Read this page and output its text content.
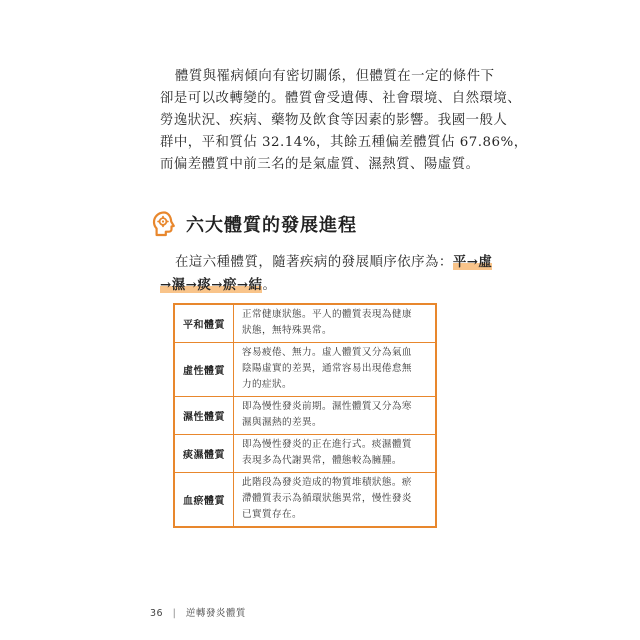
體質與罹病傾向有密切關係，但體質在一定的條件下
卻是可以改轉變的。體質會受遺傳、社會環境、自然環境、
勞逸狀況、疾病、藥物及飲食等因素的影響。我國一般人
群中，平和質佔 32.14%，其餘五種偏差體質佔 67.86%，
而偏差體質中前三名的是氣虛質、濕熱質、陽虛質。
六大體質的發展進程
在這六種體質，隨著疾病的發展順序依序為：平→虛
→濕→痰→瘀→結。
平和體質	正常健康狀態。平人的體質表現為健康
狀態，無特殊異常。

虛性體質	容易疲倦、無力。虛人體質又分為氣血
陰陽虛實的差異，通常容易出現倦怠無
力的症狀。

濕性體質	即為慢性發炎前期。濕性體質又分為寒
濕與濕熱的差異。

痰濕體質	即為慢性發炎的正在進行式。痰濕體質
表現多為代謝異常，體態較為臃腫。

血瘀體質	此階段為發炎造成的物質堆積狀態。瘀
滯體質表示為循環狀態異常，慢性發炎
已實質存在。
36 | 逆轉發炎體質
